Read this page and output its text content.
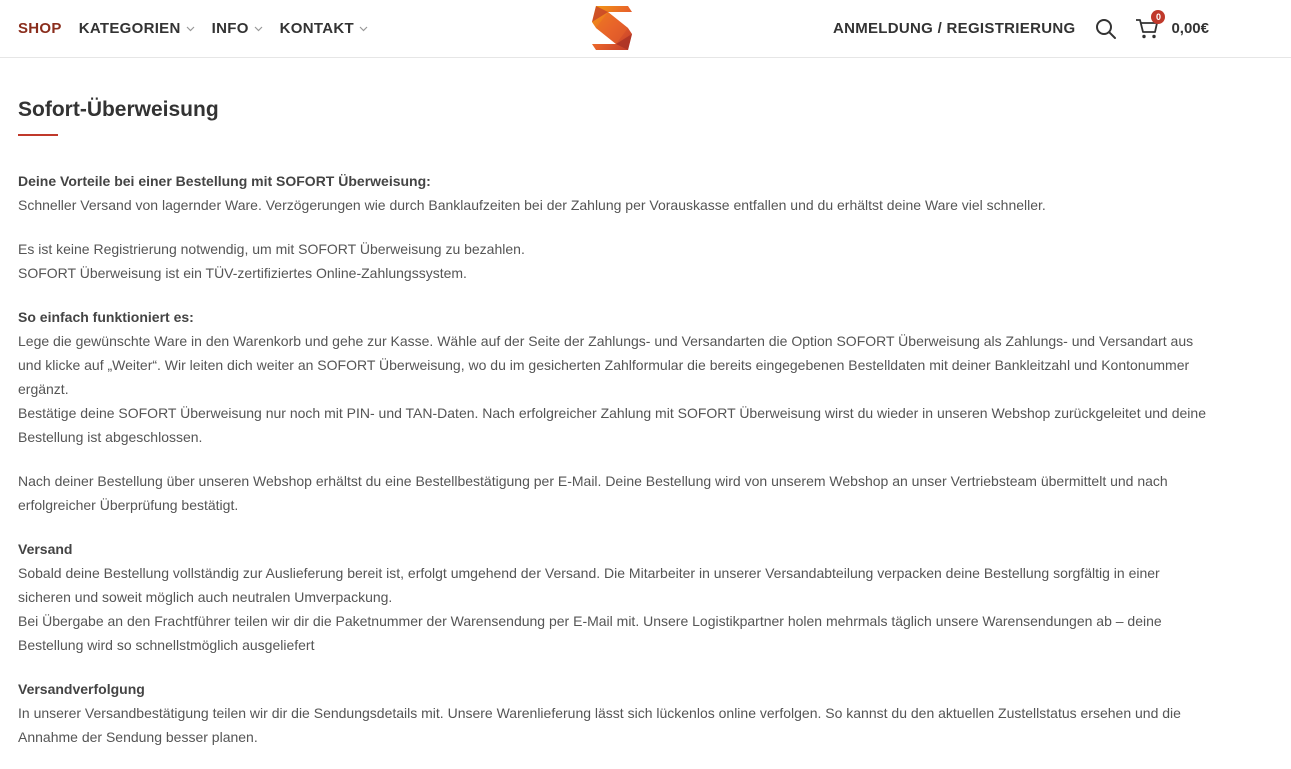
SHOP KATEGORIEN INFO KONTAKT	ANMELDUNG / REGISTRIERUNG
0
0,00€
Sofort-Überweisung
Deine Vorteile bei einer Bestellung mit SOFORT Überweisung:

Schneller Versand von lagernder Ware. Verzögerungen wie durch Banklaufzeiten bei der Zahlung per Vorauskasse entfallen und du erhältst deine Ware viel schneller.

Es ist keine Registrierung notwendig, um mit SOFORT Überweisung zu bezahlen.

SOFORT Überweisung ist ein TÜV-zertifiziertes Online-Zahlungssystem.

So einfach funktioniert es:

Lege die gewünschte Ware in den Warenkorb und gehe zur Kasse. Wähle auf der Seite der Zahlungs- und Versandarten die Option SOFORT Überweisung als Zahlungs- und Versandart aus und klicke auf „Weiter“. Wir leiten dich weiter an SOFORT Überweisung, wo du im gesicherten Zahlformular die bereits eingegebenen Bestelldaten mit deiner Bankleitzahl und Kontonummer ergänzt.

Bestätige deine SOFORT Überweisung nur noch mit PIN- und TAN-Daten. Nach erfolgreicher Zahlung mit SOFORT Überweisung wirst du wieder in unseren Webshop zurückgeleitet und deine Bestellung ist abgeschlossen.

Nach deiner Bestellung über unseren Webshop erhältst du eine Bestellbestätigung per E-Mail. Deine Bestellung wird von unserem Webshop an unser Vertriebsteam übermittelt und nach erfolgreicher Überprüfung bestätigt.

Versand

Sobald deine Bestellung vollständig zur Auslieferung bereit ist, erfolgt umgehend der Versand. Die Mitarbeiter in unserer Versandabteilung verpacken deine Bestellung sorgfältig in einer sicheren und soweit möglich auch neutralen Umverpackung.

Bei Übergabe an den Frachtführer teilen wir dir die Paketnummer der Warensendung per E-Mail mit. Unsere Logistikpartner holen mehrmals täglich unsere Warensendungen ab – deine Bestellung wird so schnellstmöglich ausgeliefert

Versandverfolgung

In unserer Versandbestätigung teilen wir dir die Sendungsdetails mit. Unsere Warenlieferung lässt sich lückenlos online verfolgen. So kannst du den aktuellen Zustellstatus ersehen und die Annahme der Sendung besser planen.
